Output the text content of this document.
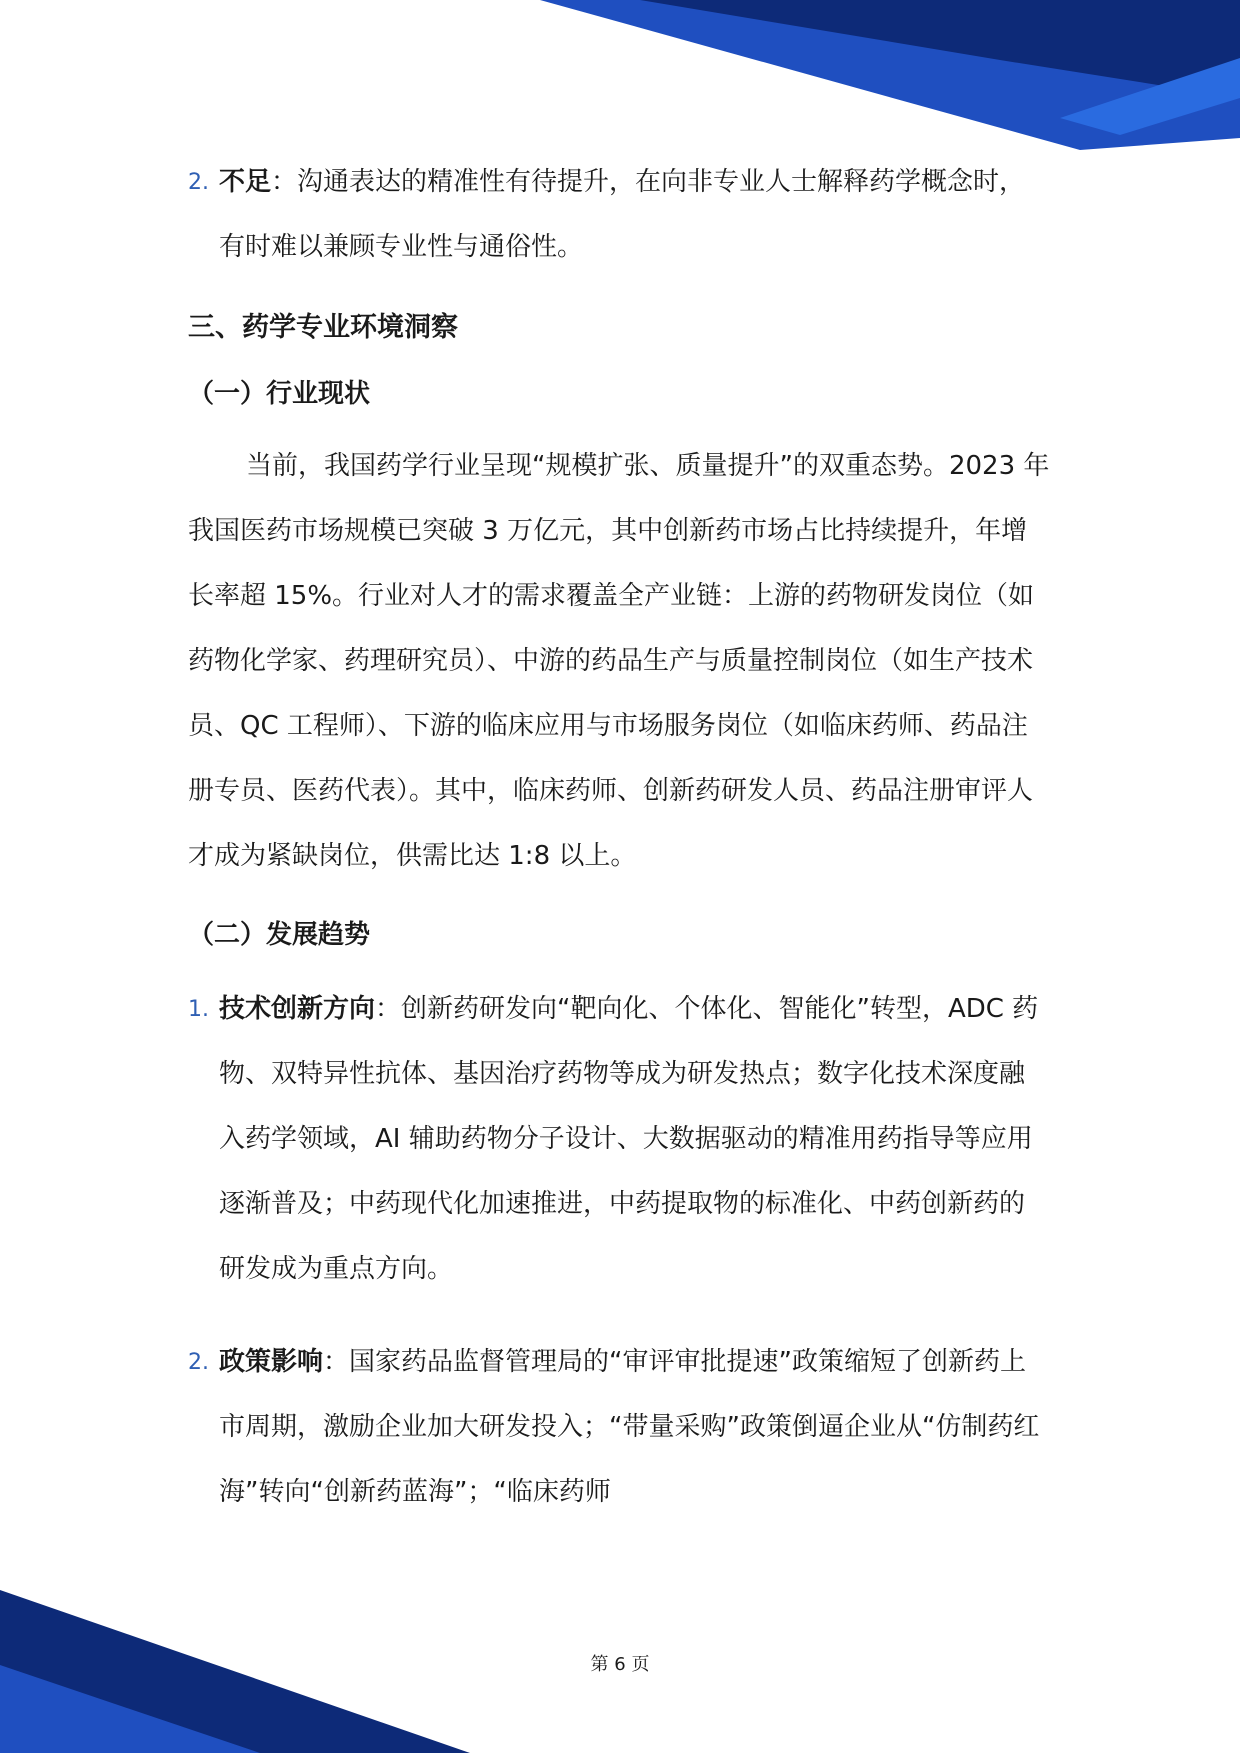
2. 不足：沟通表达的精准性有待提升，在向非专业人士解释药学概念时，有时难以兼顾专业性与通俗性。
三、药学专业环境洞察
（一）行业现状
当前，我国药学行业呈现“规模扩张、质量提升”的双重态势。2023 年我国医药市场规模已突破 3 万亿元，其中创新药市场占比持续提升，年增长率超 15%。行业对人才的需求覆盖全产业链：上游的药物研发岗位（如药物化学家、药理研究员）、中游的药品生产与质量控制岗位（如生产技术员、QC 工程师）、下游的临床应用与市场服务岗位（如临床药师、药品注册专员、医药代表）。其中，临床药师、创新药研发人员、药品注册审评人才成为紧缺岗位，供需比达 1:8 以上。
（二）发展趋势
1. 技术创新方向：创新药研发向“靶向化、个体化、智能化”转型，ADC 药物、双特异性抗体、基因治疗药物等成为研发热点；数字化技术深度融入药学领域，AI 辅助药物分子设计、大数据驱动的精准用药指导等应用逐渐普及；中药现代化加速推进，中药提取物的标准化、中药创新药的研发成为重点方向。
2. 政策影响：国家药品监督管理局的“审评审批提速”政策缩短了创新药上市周期，激励企业加大研发投入；“带量采购”政策倒逼企业从“仿制药红海”转向“创新药蓝海”；“临床药师
第 6 页
